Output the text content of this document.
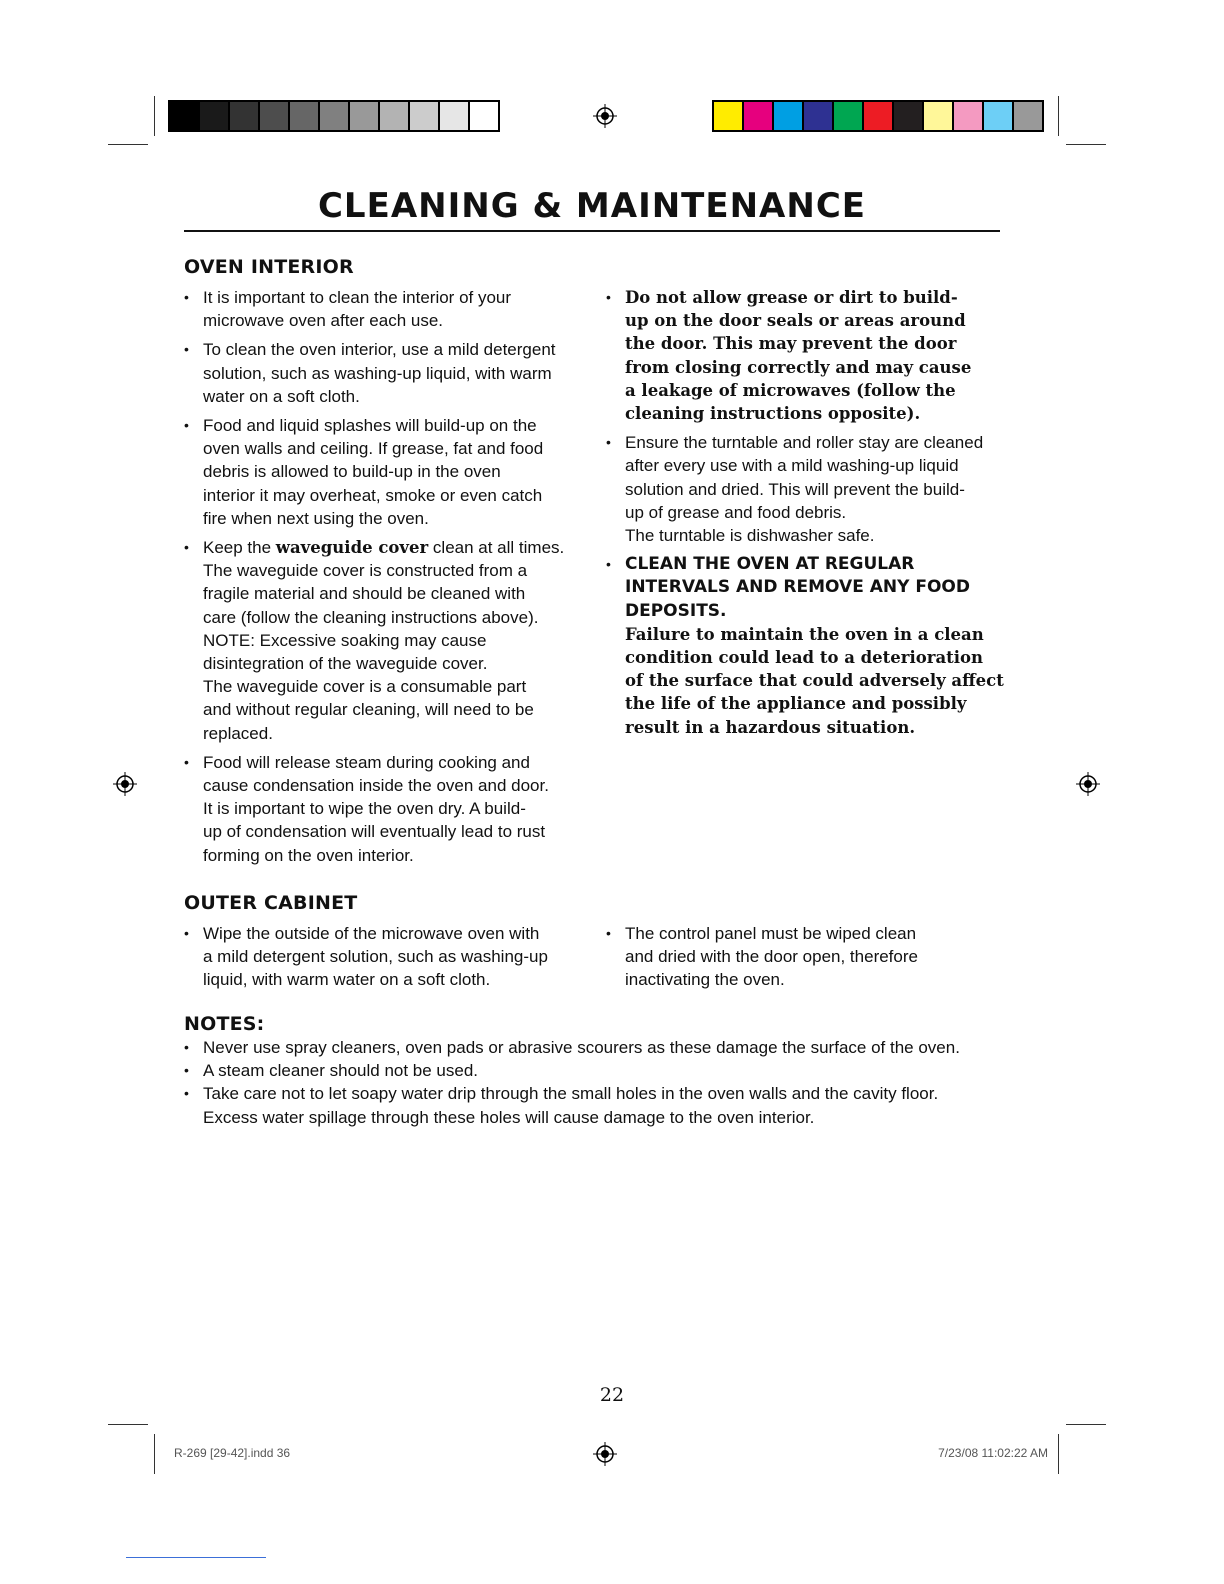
CLEANING & MAINTENANCE
OVEN INTERIOR
• It is important to clean the interior of your
microwave oven after each use.
• To clean the oven interior, use a mild detergent
solution, such as washing-up liquid, with warm
water on a soft cloth.
• Food and liquid splashes will build-up on the
oven walls and ceiling. If grease, fat and food
debris is allowed to build-up in the oven
interior it may overheat, smoke or even catch
fire when next using the oven.
• Keep the waveguide cover clean at all times.
The waveguide cover is constructed from a
fragile material and should be cleaned with
care (follow the cleaning instructions above).
NOTE: Excessive soaking may cause
disintegration of the waveguide cover.
The waveguide cover is a consumable part
and without regular cleaning, will need to be
replaced.
• Food will release steam during cooking and
cause condensation inside the oven and door.
It is important to wipe the oven dry. A build-
up of condensation will eventually lead to rust
forming on the oven interior.
• Do not allow grease or dirt to build-
up on the door seals or areas around
the door. This may prevent the door
from closing correctly and may cause
a leakage of microwaves (follow the
cleaning instructions opposite).
• Ensure the turntable and roller stay are cleaned
after every use with a mild washing-up liquid
solution and dried. This will prevent the build-
up of grease and food debris.
The turntable is dishwasher safe.
• CLEAN THE OVEN AT REGULAR
INTERVALS AND REMOVE ANY FOOD
DEPOSITS.
Failure to maintain the oven in a clean
condition could lead to a deterioration
of the surface that could adversely affect
the life of the appliance and possibly
result in a hazardous situation.
OUTER CABINET
• Wipe the outside of the microwave oven with
a mild detergent solution, such as washing-up
liquid, with warm water on a soft cloth.
• The control panel must be wiped clean
and dried with the door open, therefore
inactivating the oven.
NOTES:
• Never use spray cleaners, oven pads or abrasive scourers as these damage the surface of the oven.
• A steam cleaner should not be used.
• Take care not to let soapy water drip through the small holes in the oven walls and the cavity floor.
Excess water spillage through these holes will cause damage to the oven interior.
22
R-269 [29-42].indd 36	7/23/08 11:02:22 AM
